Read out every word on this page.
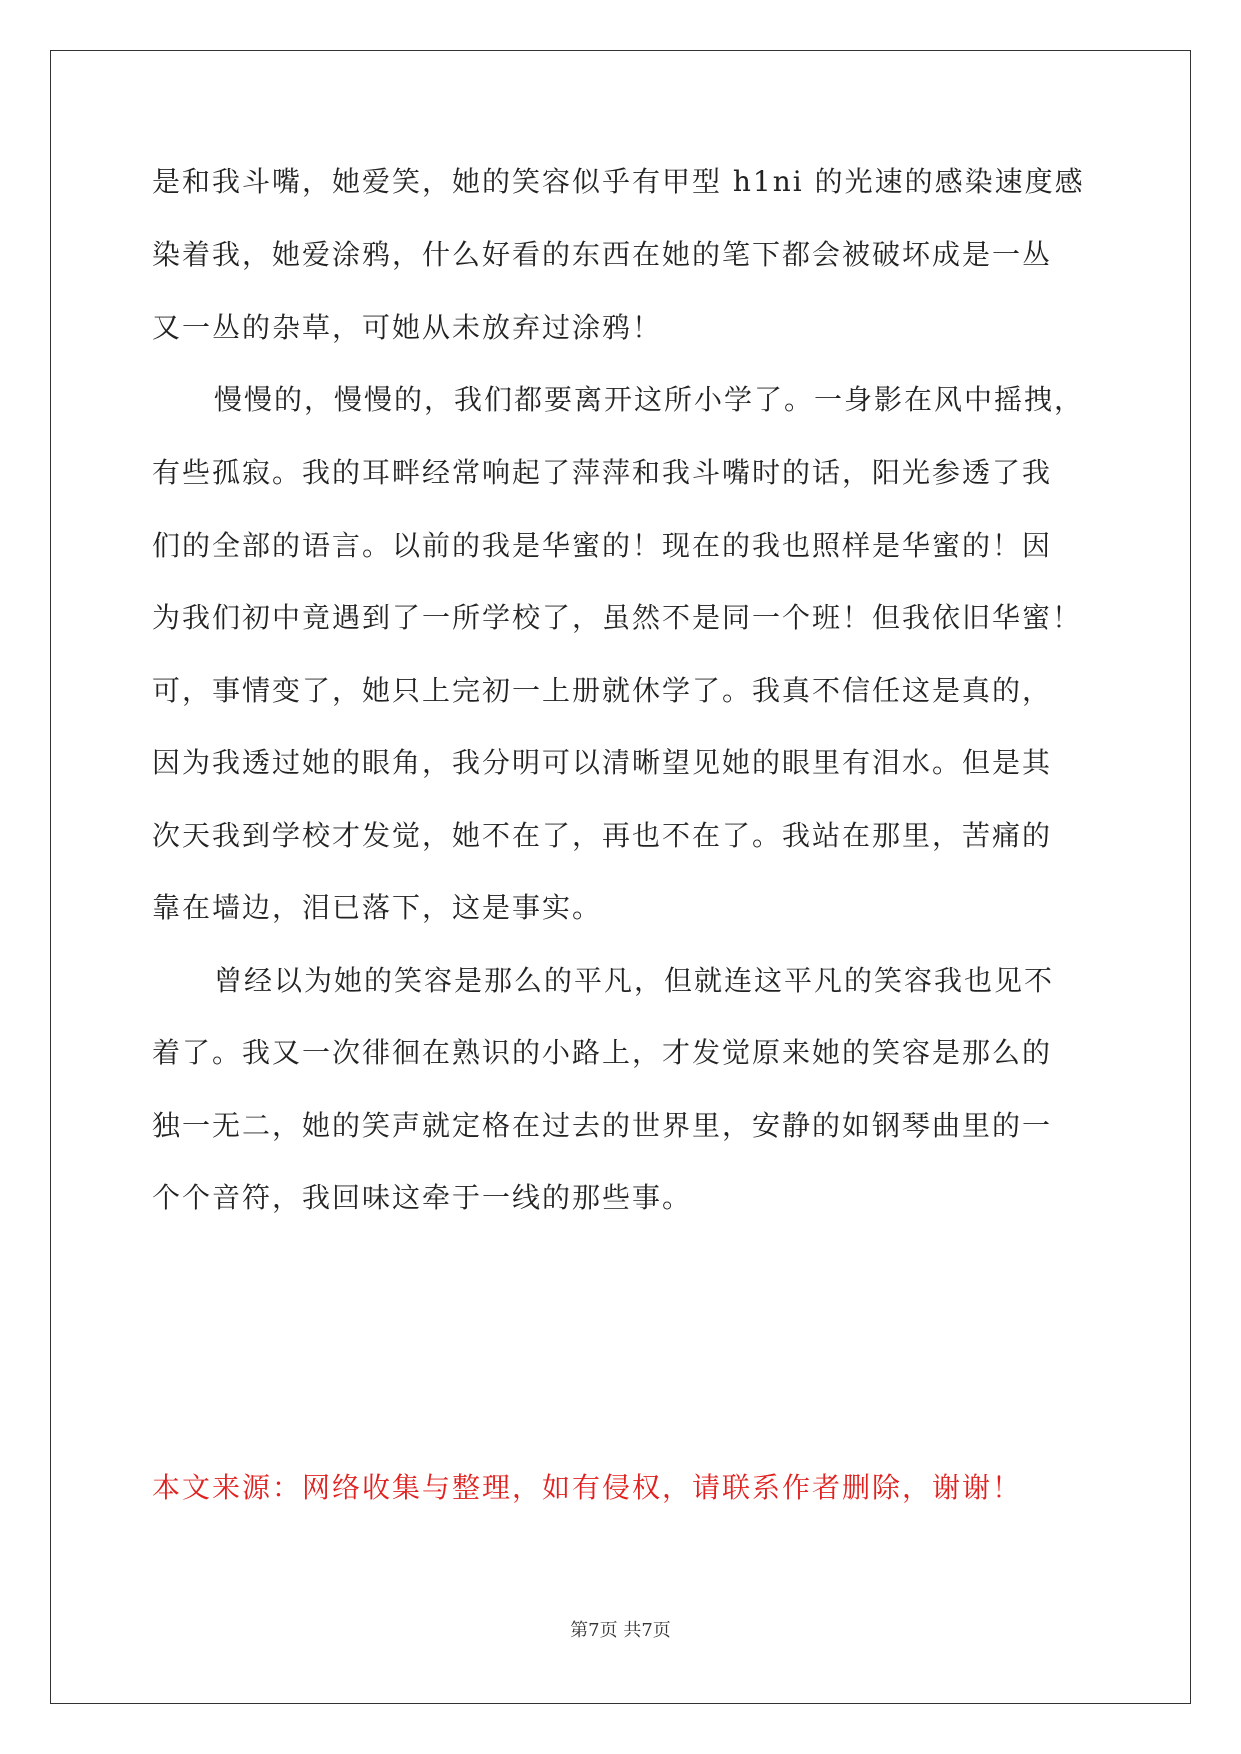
是和我斗嘴，她爱笑，她的笑容似乎有甲型 h1ni 的光速的感染速度感
染着我，她爱涂鸦，什么好看的东西在她的笔下都会被破坏成是一丛
又一丛的杂草，可她从未放弃过涂鸦！
慢慢的，慢慢的，我们都要离开这所小学了。一身影在风中摇拽，
有些孤寂。我的耳畔经常响起了萍萍和我斗嘴时的话，阳光参透了我
们的全部的语言。以前的我是华蜜的！现在的我也照样是华蜜的！因
为我们初中竟遇到了一所学校了，虽然不是同一个班！但我依旧华蜜！
可，事情变了，她只上完初一上册就休学了。我真不信任这是真的，
因为我透过她的眼角，我分明可以清晰望见她的眼里有泪水。但是其
次天我到学校才发觉，她不在了，再也不在了。我站在那里，苦痛的
靠在墙边，泪已落下，这是事实。
曾经以为她的笑容是那么的平凡，但就连这平凡的笑容我也见不
着了。我又一次徘徊在熟识的小路上，才发觉原来她的笑容是那么的
独一无二，她的笑声就定格在过去的世界里，安静的如钢琴曲里的一
个个音符，我回味这牵于一线的那些事。
本文来源：网络收集与整理，如有侵权，请联系作者删除，谢谢！
第7页 共7页
